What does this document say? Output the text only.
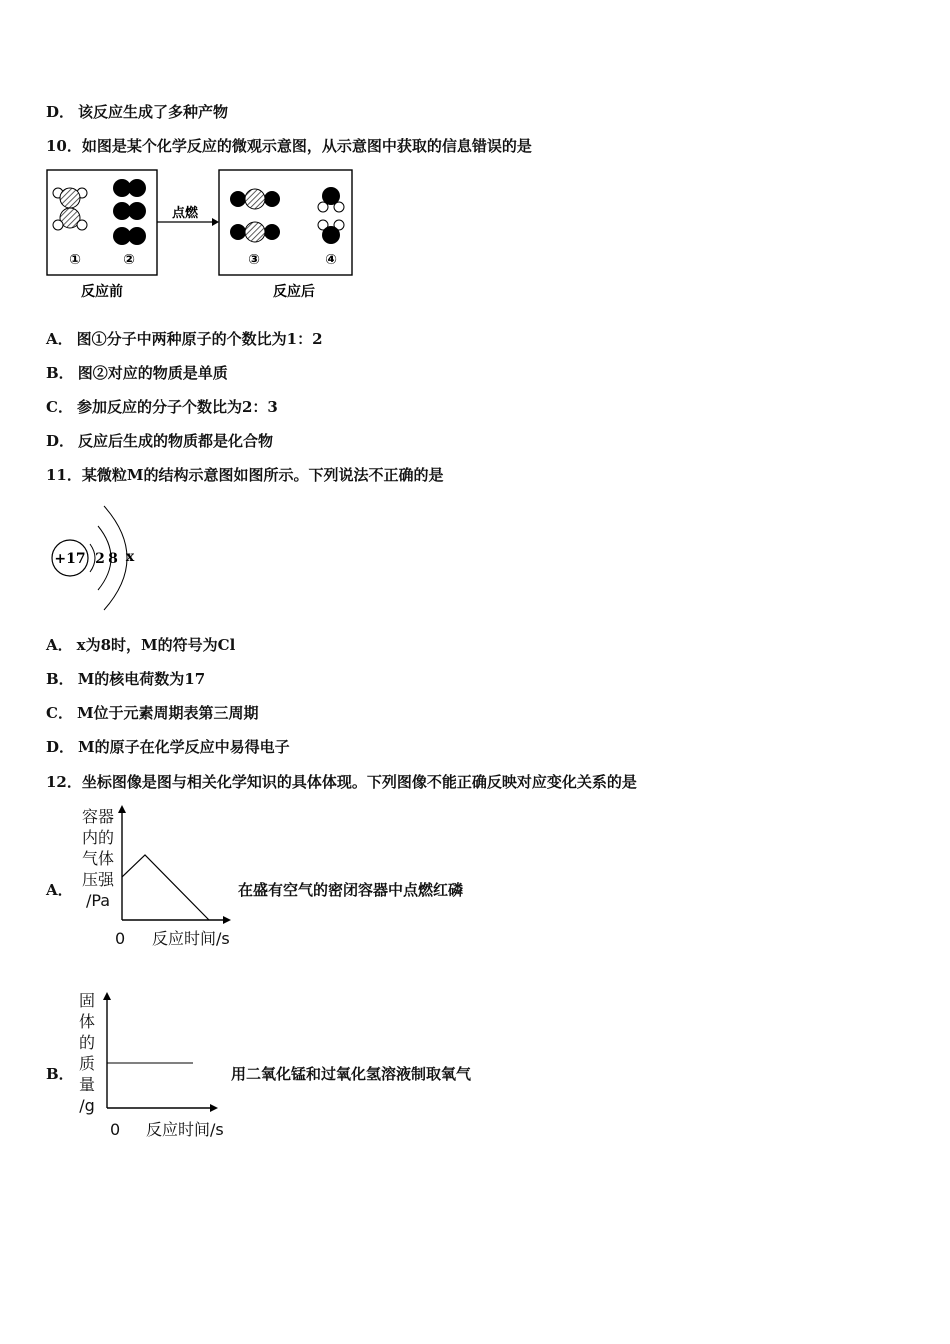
D． 该反应生成了多种产物
10．如图是某个化学反应的微观示意图，从示意图中获取的信息错误的是
①	②
点燃
③	④
反应前	反应后
A． 图①分子中两种原子的个数比为1：2
B． 图②对应的物质是单质
C． 参加反应的分子个数比为2：3
D． 反应后生成的物质都是化合物
11．某微粒M的结构示意图如图所示。下列说法不正确的是
+17 2 8 x
A． x为8时，M的符号为Cl
B． M的核电荷数为17
C． M位于元素周期表第三周期
D． M的原子在化学反应中易得电子
12．坐标图像是图与相关化学知识的具体体现。下列图像不能正确反映对应变化关系的是
A．
容器
内的
气体
压强
/Pa
0 反应时间/s
在盛有空气的密闭容器中点燃红磷
B．
固
体
的
质
量
/g
0 反应时间/s
用二氧化锰和过氧化氢溶液制取氧气
